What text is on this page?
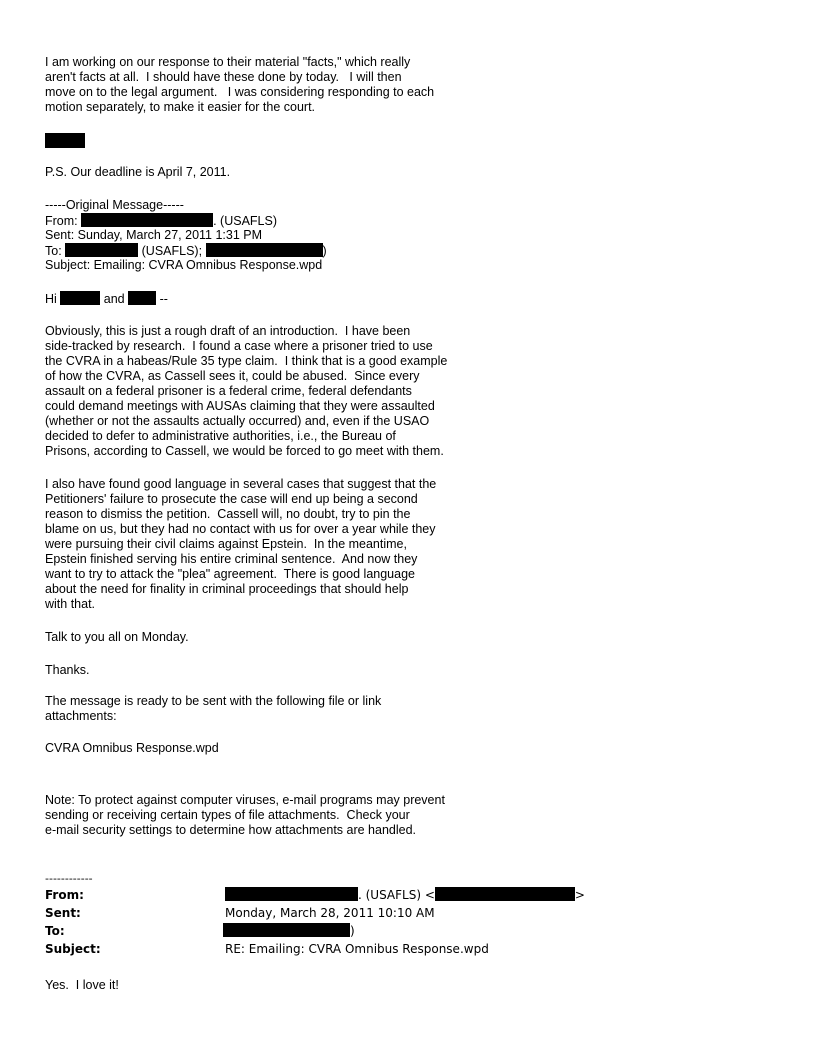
I am working on our response to their material "facts," which really

aren't facts at all.  I should have these done by today.   I will then

move on to the legal argument.   I was considering responding to each

motion separately, to make it easier for the court.

P.S. Our deadline is April 7, 2011.

-----Original Message-----

From:	. (USAFLS)

Sent: Sunday, March 27, 2011 1:31 PM

To:	(USAFLS);	)

Subject: Emailing: CVRA Omnibus Response.wpd

Hi	and  --

Obviously, this is just a rough draft of an introduction.  I have been

side-tracked by research.  I found a case where a prisoner tried to use

the CVRA in a habeas/Rule 35 type claim.  I think that is a good example

of how the CVRA, as Cassell sees it, could be abused.  Since every

assault on a federal prisoner is a federal crime, federal defendants

could demand meetings with AUSAs claiming that they were assaulted

(whether or not the assaults actually occurred) and, even if the USAO

decided to defer to administrative authorities, i.e., the Bureau of

Prisons, according to Cassell, we would be forced to go meet with them.

I also have found good language in several cases that suggest that the

Petitioners' failure to prosecute the case will end up being a second

reason to dismiss the petition.  Cassell will, no doubt, try to pin the

blame on us, but they had no contact with us for over a year while they

were pursuing their civil claims against Epstein.  In the meantime,

Epstein finished serving his entire criminal sentence.  And now they

want to try to attack the "plea" agreement.  There is good language

about the need for finality in criminal proceedings that should help

with that.

Talk to you all on Monday.

Thanks.

The message is ready to be sent with the following file or link

attachments:

CVRA Omnibus Response.wpd

Note: To protect against computer viruses, e-mail programs may prevent

sending or receiving certain types of file attachments.  Check your

e-mail security settings to determine how attachments are handled.

------------

From:	. (USAFLS) <	>

Sent:	Monday, March 28, 2011 10:10 AM

To:	)

Subject:	RE: Emailing: CVRA Omnibus Response.wpd

Yes.  I love it!
